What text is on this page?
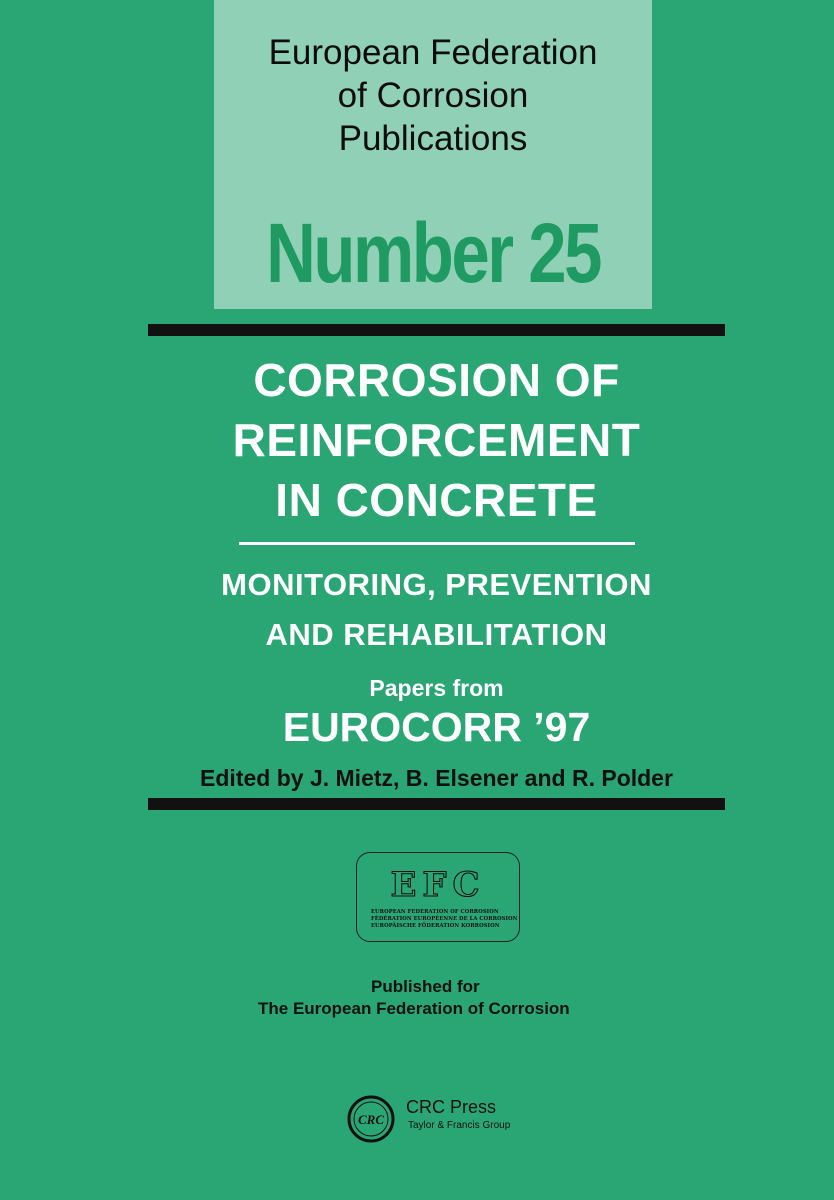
European Federation
of Corrosion
Publications
Number 25
CORROSION OF
REINFORCEMENT
IN CONCRETE
MONITORING, PREVENTION
AND REHABILITATION
Papers from
EUROCORR ’97
Edited by J. Mietz, B. Elsener and R. Polder
EFC
EUROPEAN FEDERATION OF CORROSION
FÉDÉRATION EUROPÉENNE DE LA CORROSION
EUROPÄISCHE FÖDERATION KORROSION
Published for
The European Federation of Corrosion
CRC
CRC Press
Taylor & Francis Group
